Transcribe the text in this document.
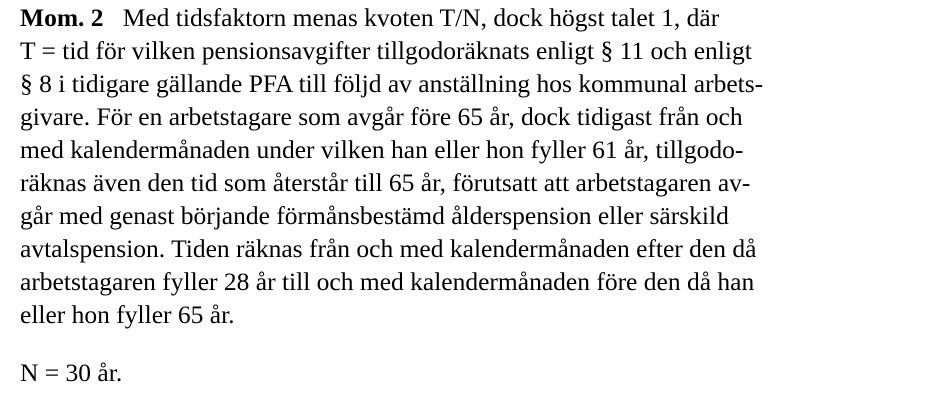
Mom. 2 Med tidsfaktorn menas kvoten T/N, dock högst talet 1, där
T = tid för vilken pensionsavgifter tillgodoräknats enligt § 11 och enligt
§ 8 i tidigare gällande PFA till följd av anställning hos kommunal arbets-
givare. För en arbetstagare som avgår före 65 år, dock tidigast från och
med kalendermånaden under vilken han eller hon fyller 61 år, tillgodo-
räknas även den tid som återstår till 65 år, förutsatt att arbetstagaren av-
går med genast börjande förmånsbestämd ålderspension eller särskild
avtalspension. Tiden räknas från och med kalendermånaden efter den då
arbetstagaren fyller 28 år till och med kalendermånaden före den då han
eller hon fyller 65 år.
N = 30 år.
